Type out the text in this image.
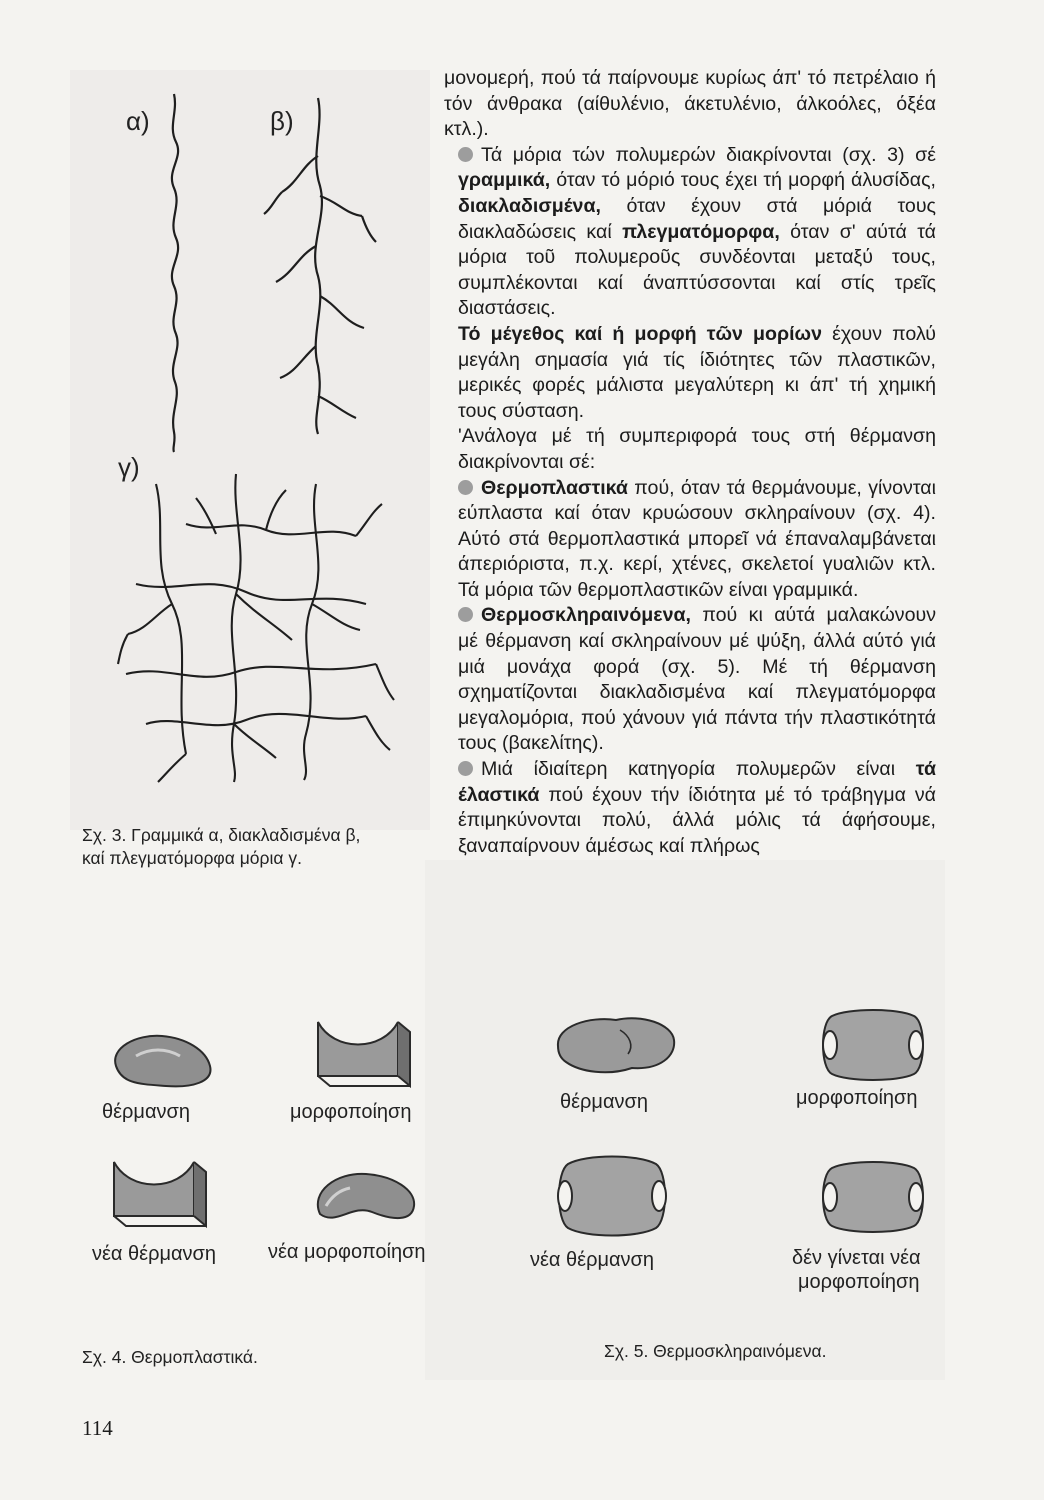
α)	β)
γ)
Σχ. 3. Γραμμικά α, διακλαδισμένα β,
καί πλεγματόμορφα μόρια γ.

μονομερή, πού τά παίρνουμε κυρίως άπ' τό πετρέλαιο ή τόν άνθρακα (αίθυλένιο, άκετυλένιο, άλκοόλες, όξέα κτλ.).

Τά μόρια τών πολυμερών διακρίνονται (σχ. 3) σέ γραμμικά, όταν τό μόριό τους έχει τή μορφή άλυσίδας, διακλαδισμένα, όταν έχουν στά μόριά τους διακλαδώσεις καί πλεγματόμορφα, όταν σ' αύτά τά μόρια τοῦ πολυμεροῦς συνδέονται μεταξύ τους, συμπλέκονται καί άναπτύσσονται καί στίς τρεῖς διαστάσεις.

Τό μέγεθος καί ή μορφή τῶν μορίων έχουν πολύ μεγάλη σημασία γιά τίς ίδιότητες τῶν πλαστικῶν, μερικές φορές μάλιστα μεγαλύτερη κι άπ' τή χημική τους σύσταση.

'Ανάλογα μέ τή συμπεριφορά τους στή θέρμανση διακρίνονται σέ:

Θερμοπλαστικά πού, όταν τά θερμάνουμε, γίνονται εύπλαστα καί όταν κρυώσουν σκληραίνουν (σχ. 4). Αύτό στά θερμοπλαστικά μπορεῖ νά έπαναλαμβάνεται άπεριόριστα, π.χ. κερί, χτένες, σκελετοί γυαλιῶν κτλ. Τά μόρια τῶν θερμοπλαστικῶν είναι γραμμικά.

Θερμοσκληραινόμενα, πού κι αύτά μαλακώνουν μέ θέρμανση καί σκληραίνουν μέ ψύξη, άλλά αύτό γιά μιά μονάχα φορά (σχ. 5). Μέ τή θέρμανση σχηματίζονται διακλαδισμένα καί πλεγματόμορφα μεγαλομόρια, πού χάνουν γιά πάντα τήν πλαστικότητά τους (βακελίτης).

Μιά ίδιαίτερη κατηγορία πολυμερῶν είναι τά έλαστικά πού έχουν τήν ίδιότητα μέ τό τράβηγμα νά έπιμηκύνονται πολύ, άλλά μόλις τά άφήσουμε, ξαναπαίρνουν άμέσως καί πλήρως

θέρμανση	μορφοποίηση
νέα θέρμανση	νέα μορφοποίηση
Σχ. 4. Θερμοπλαστικά.
θέρμανση	μορφοποίηση
νέα θέρμανση	δέν γίνεται νέα
μορφοποίηση
Σχ. 5. Θερμοσκληραινόμενα.
114
